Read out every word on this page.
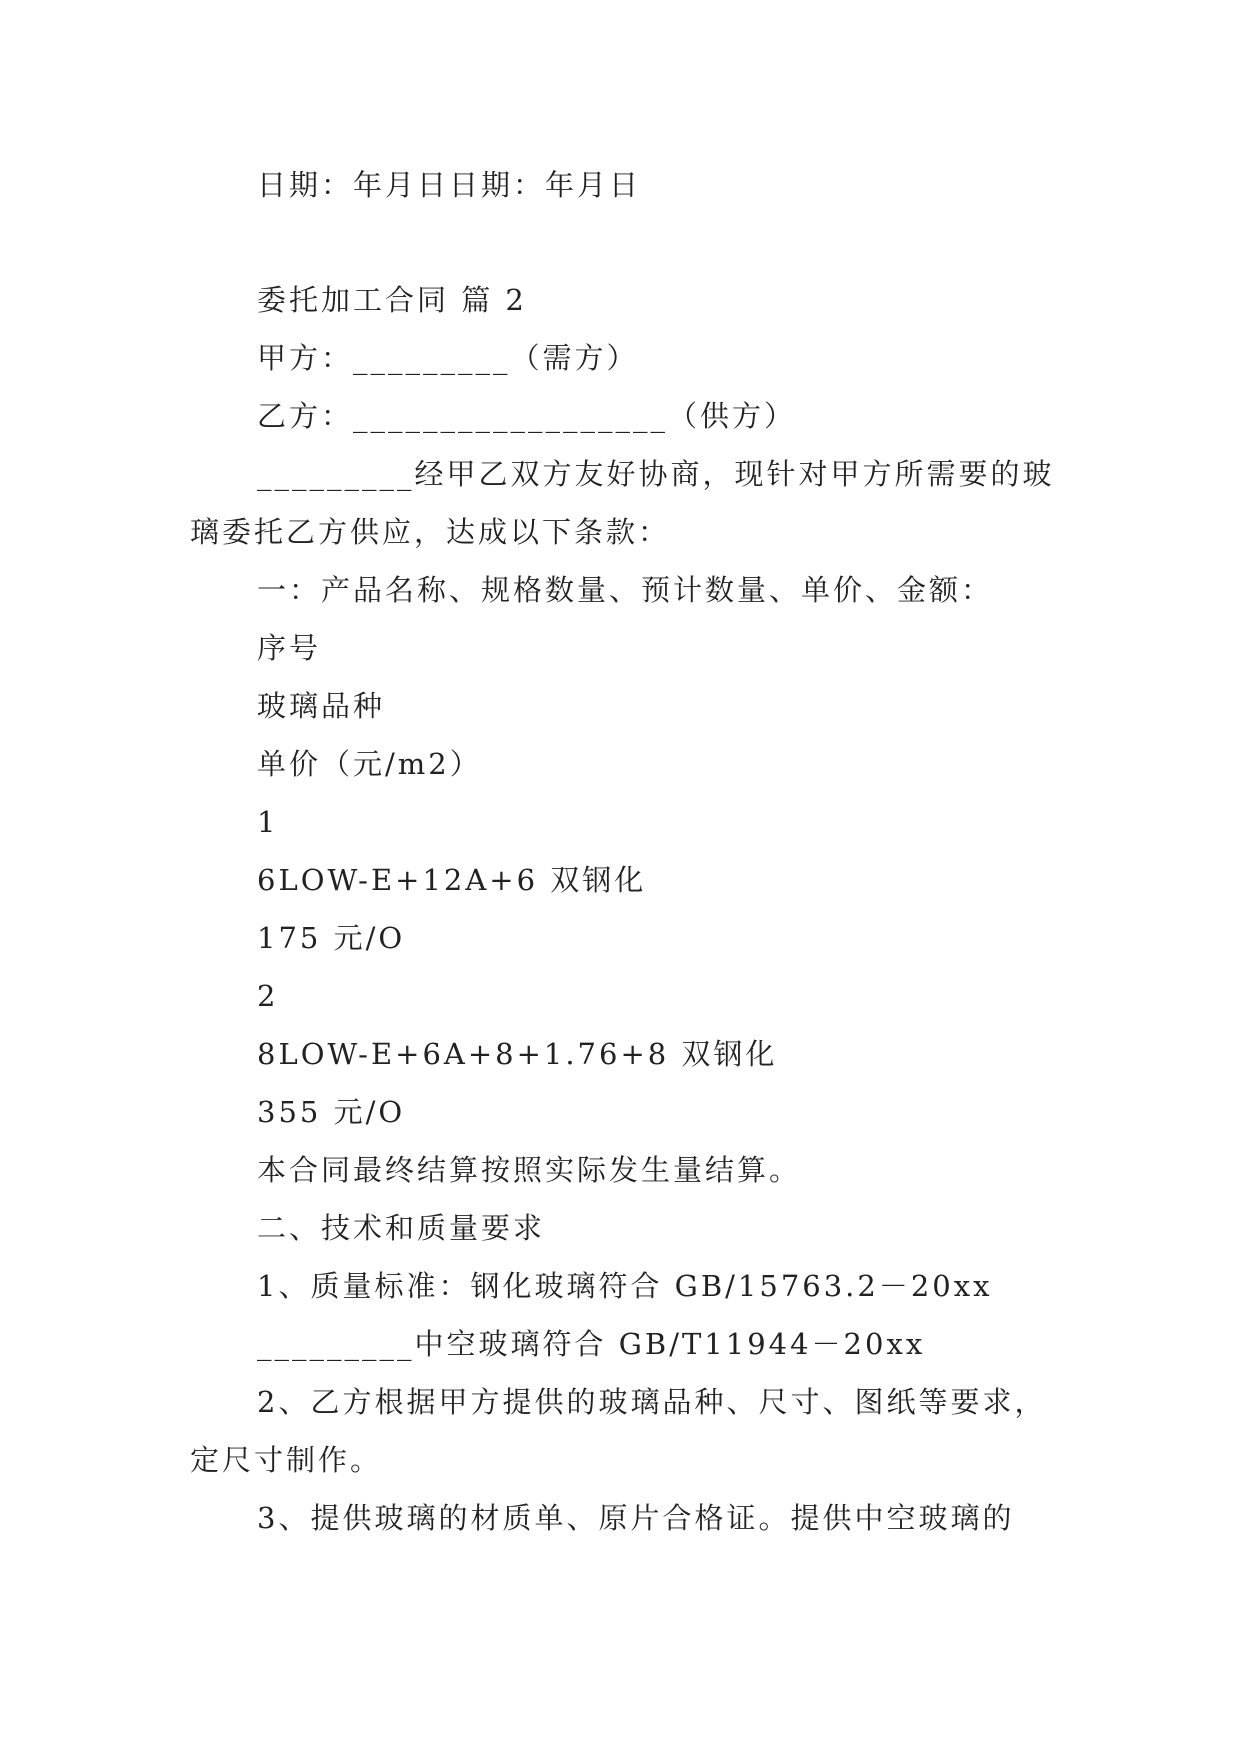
日期：年月日日期：年月日
委托加工合同 篇 2
甲方：_________（需方）
乙方：__________________（供方）
_________经甲乙双方友好协商，现针对甲方所需要的玻
璃委托乙方供应，达成以下条款：
一：产品名称、规格数量、预计数量、单价、金额：
序号
玻璃品种
单价（元/m2）
1
6LOW-E+12A+6 双钢化
175 元/O
2
8LOW-E+6A+8+1.76+8 双钢化
355 元/O
本合同最终结算按照实际发生量结算。
二、技术和质量要求
1、质量标准：钢化玻璃符合 GB/15763.2－20xx
_________中空玻璃符合 GB/T11944－20xx
2、乙方根据甲方提供的玻璃品种、尺寸、图纸等要求，
定尺寸制作。
3、提供玻璃的材质单、原片合格证。提供中空玻璃的
